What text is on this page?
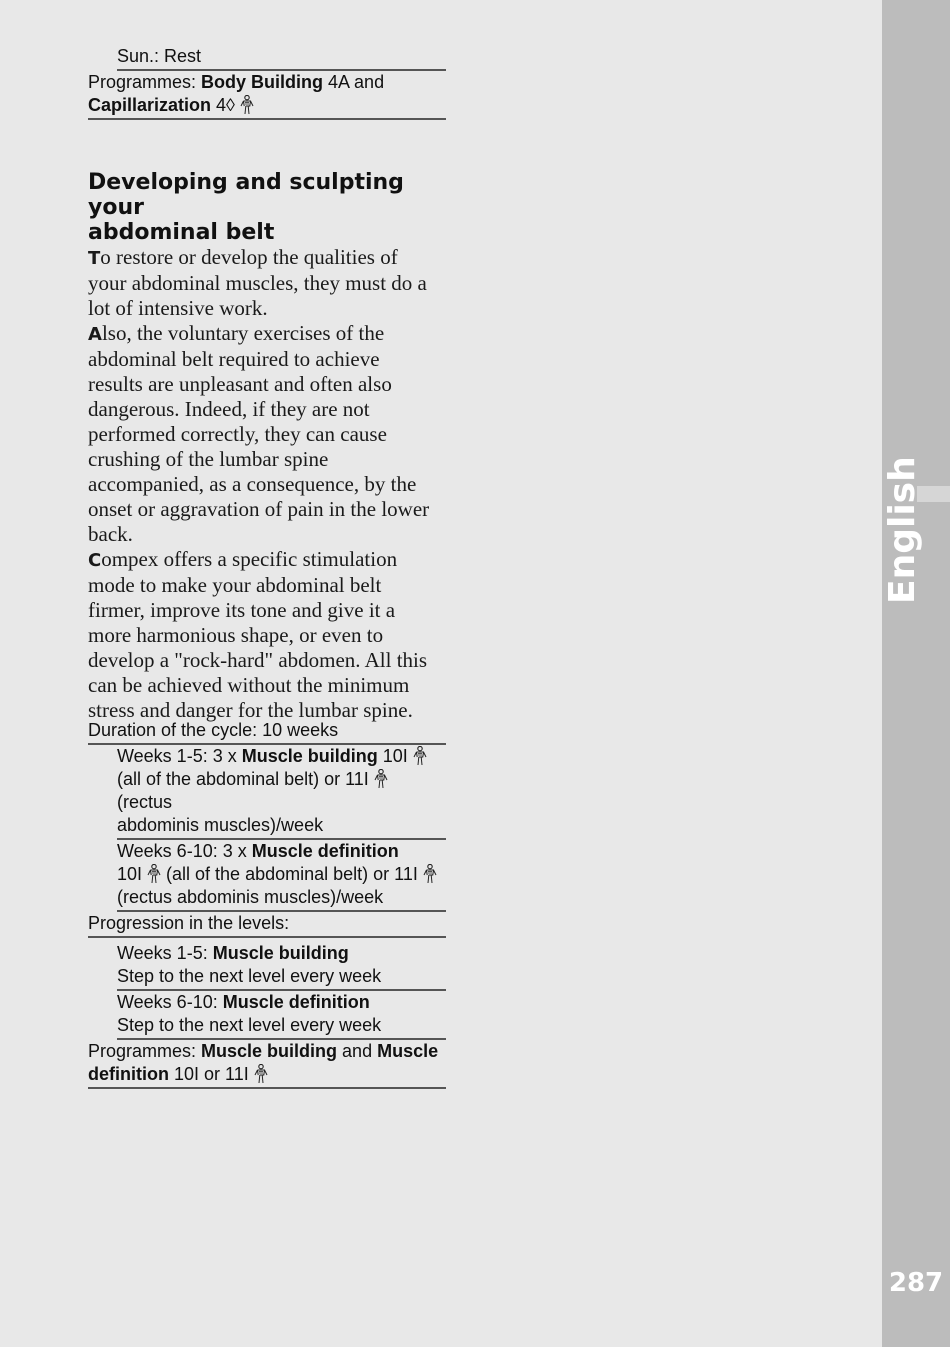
English
287
Sun.: Rest
Programmes: Body Building 4A and
Capillarization 4◊
Developing and sculpting your
abdominal belt

To restore or develop the qualities of
your abdominal muscles, they must do a
lot of intensive work.

Also, the voluntary exercises of the
abdominal belt required to achieve
results are unpleasant and often also
dangerous. Indeed, if they are not
performed correctly, they can cause
crushing of the lumbar spine
accompanied, as a consequence, by the
onset or aggravation of pain in the lower
back.

Compex offers a specific stimulation
mode to make your abdominal belt
firmer, improve its tone and give it a
more harmonious shape, or even to
develop a "rock-hard" abdomen. All this
can be achieved without the minimum
stress and danger for the lumbar spine.

Duration of the cycle: 10 weeks
Weeks 1-5: 3 x Muscle building 10I
(all of the abdominal belt) or 11I  (rectus
abdominis muscles)/week
Weeks 6-10: 3 x Muscle definition
10I  (all of the abdominal belt) or 11I
(rectus abdominis muscles)/week
Progression in the levels:
Weeks 1-5: Muscle building
Step to the next level every week
Weeks 6-10: Muscle definition
Step to the next level every week
Programmes: Muscle building and Muscle
definition 10I or 11I
